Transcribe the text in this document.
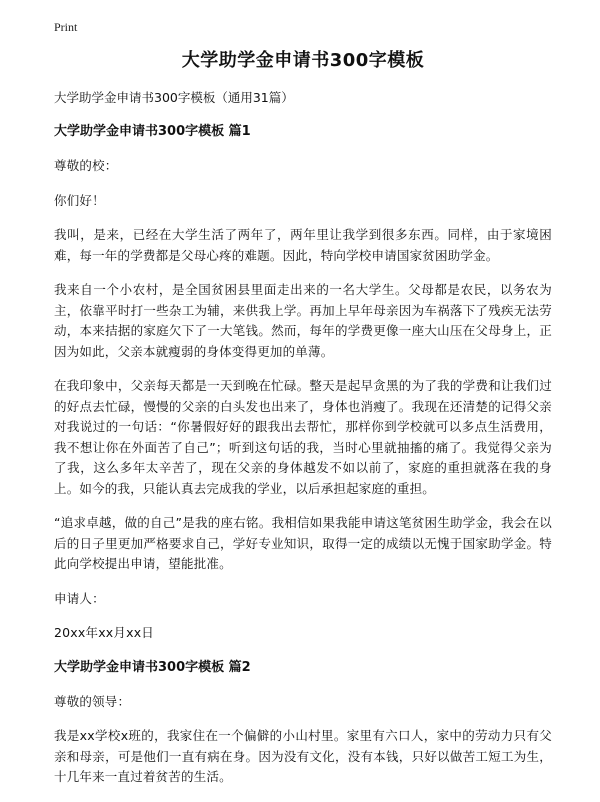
Print
大学助学金申请书300字模板
大学助学金申请书300字模板（通用31篇）
大学助学金申请书300字模板 篇1
尊敬的校：
你们好！
我叫，是来，已经在大学生活了两年了，两年里让我学到很多东西。同样，由于家境困难，每一年的学费都是父母心疼的难题。因此，特向学校申请国家贫困助学金。
我来自一个小农村，是全国贫困县里面走出来的一名大学生。父母都是农民，以务农为主，依靠平时打一些杂工为辅，来供我上学。再加上早年母亲因为车祸落下了残疾无法劳动，本来拮据的家庭欠下了一大笔钱。然而，每年的学费更像一座大山压在父母身上，正因为如此，父亲本就瘦弱的身体变得更加的单薄。
在我印象中，父亲每天都是一天到晚在忙碌。整天是起早贪黑的为了我的学费和让我们过的好点去忙碌，慢慢的父亲的白头发也出来了，身体也消瘦了。我现在还清楚的记得父亲对我说过的一句话：“你暑假好好的跟我出去帮忙，那样你到学校就可以多点生活费用，我不想让你在外面苦了自己”；听到这句话的我，当时心里就抽搐的痛了。我觉得父亲为了我，这么多年太辛苦了，现在父亲的身体越发不如以前了，家庭的重担就落在我的身上。如今的我，只能认真去完成我的学业，以后承担起家庭的重担。
“追求卓越，做的自己”是我的座右铭。我相信如果我能申请这笔贫困生助学金，我会在以后的日子里更加严格要求自己，学好专业知识，取得一定的成绩以无愧于国家助学金。特此向学校提出申请，望能批准。
申请人：
20xx年xx月xx日
大学助学金申请书300字模板 篇2
尊敬的领导：
我是xx学校x班的，我家住在一个偏僻的小山村里。家里有六口人，家中的劳动力只有父亲和母亲，可是他们一直有病在身。因为没有文化，没有本钱，只好以做苦工短工为生，十几年来一直过着贫苦的生活。
